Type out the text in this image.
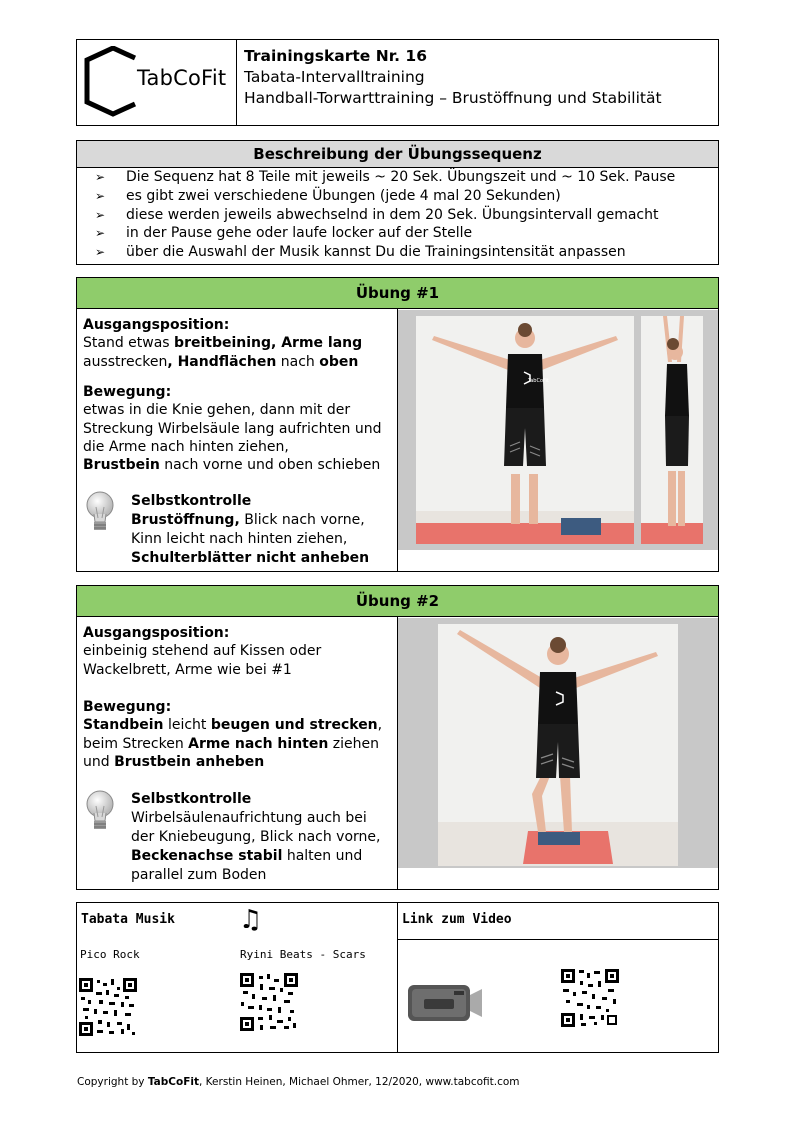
TabCoFit
Trainingskarte Nr. 16
Tabata-Intervalltraining
Handball-Torwarttraining – Brustöffnung und Stabilität
Beschreibung der Übungssequenz
➢ Die Sequenz hat 8 Teile mit jeweils ~ 20 Sek. Übungszeit und ~ 10 Sek. Pause
➢ es gibt zwei verschiedene Übungen (jede 4 mal 20 Sekunden)
➢ diese werden jeweils abwechselnd in dem 20 Sek. Übungsintervall gemacht
➢ in der Pause gehe oder laufe locker auf der Stelle
➢ über die Auswahl der Musik kannst Du die Trainingsintensität anpassen
Übung #1
Ausgangsposition:
Stand etwas breitbeining, Arme lang
ausstrecken, Handflächen nach oben
Bewegung:
etwas in die Knie gehen, dann mit der
Streckung Wirbelsäule lang aufrichten und
die Arme nach hinten ziehen,
Brustbein nach vorne und oben schieben
Selbstkontrolle
Brustöffnung, Blick nach vorne,
Kinn leicht nach hinten ziehen,
Schulterblätter nicht anheben
TabCoFit
Übung #2
Ausgangsposition:
einbeinig stehend auf Kissen oder
Wackelbrett, Arme wie bei #1
Bewegung:
Standbein leicht beugen und strecken,
beim Strecken Arme nach hinten ziehen
und Brustbein anheben
Selbstkontrolle
Wirbelsäulenaufrichtung auch bei
der Kniebeugung, Blick nach vorne,
Beckenachse stabil halten und
parallel zum Boden
Tabata Musik ♫
Pico Rock	Ryini Beats - Scars
Link zum Video
Copyright by TabCoFit, Kerstin Heinen, Michael Ohmer, 12/2020, www.tabcofit.com
